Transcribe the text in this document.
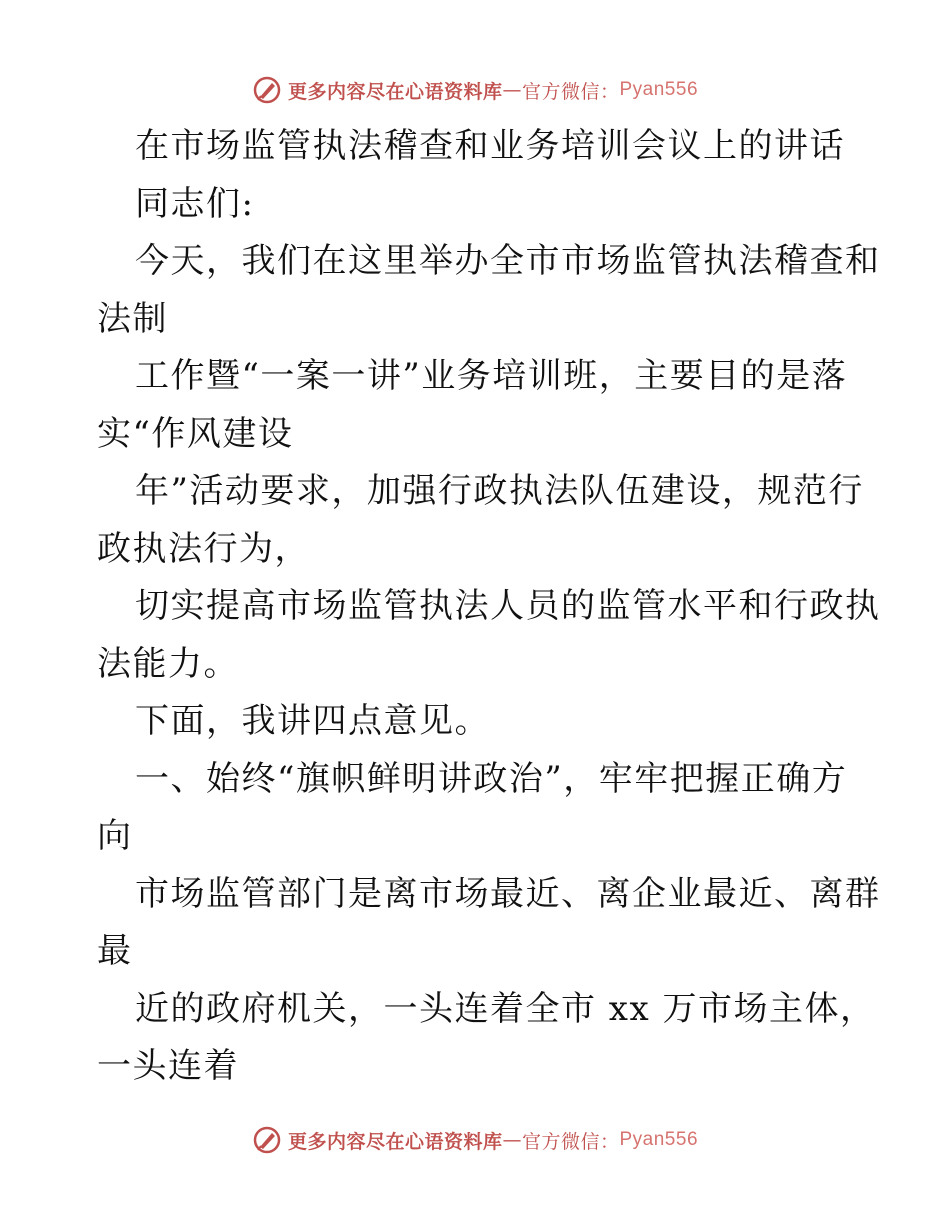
更多内容尽在心语资料库 — 官方微信： Pyan556
在市场监管执法稽查和业务培训会议上的讲话
同志们:
今天，我们在这里举办全市市场监管执法稽查和
法制
工作暨“一案一讲”业务培训班，主要目的是落
实“作风建设
年”活动要求，加强行政执法队伍建设，规范行
政执法行为，
切实提高市场监管执法人员的监管水平和行政执
法能力。
下面，我讲四点意见。
一、始终“旗帜鲜明讲政治”，牢牢把握正确方
向
市场监管部门是离市场最近、离企业最近、离群
最
近的政府机关，一头连着全市 xx 万市场主体，
一头连着
更多内容尽在心语资料库 — 官方微信： Pyan556
